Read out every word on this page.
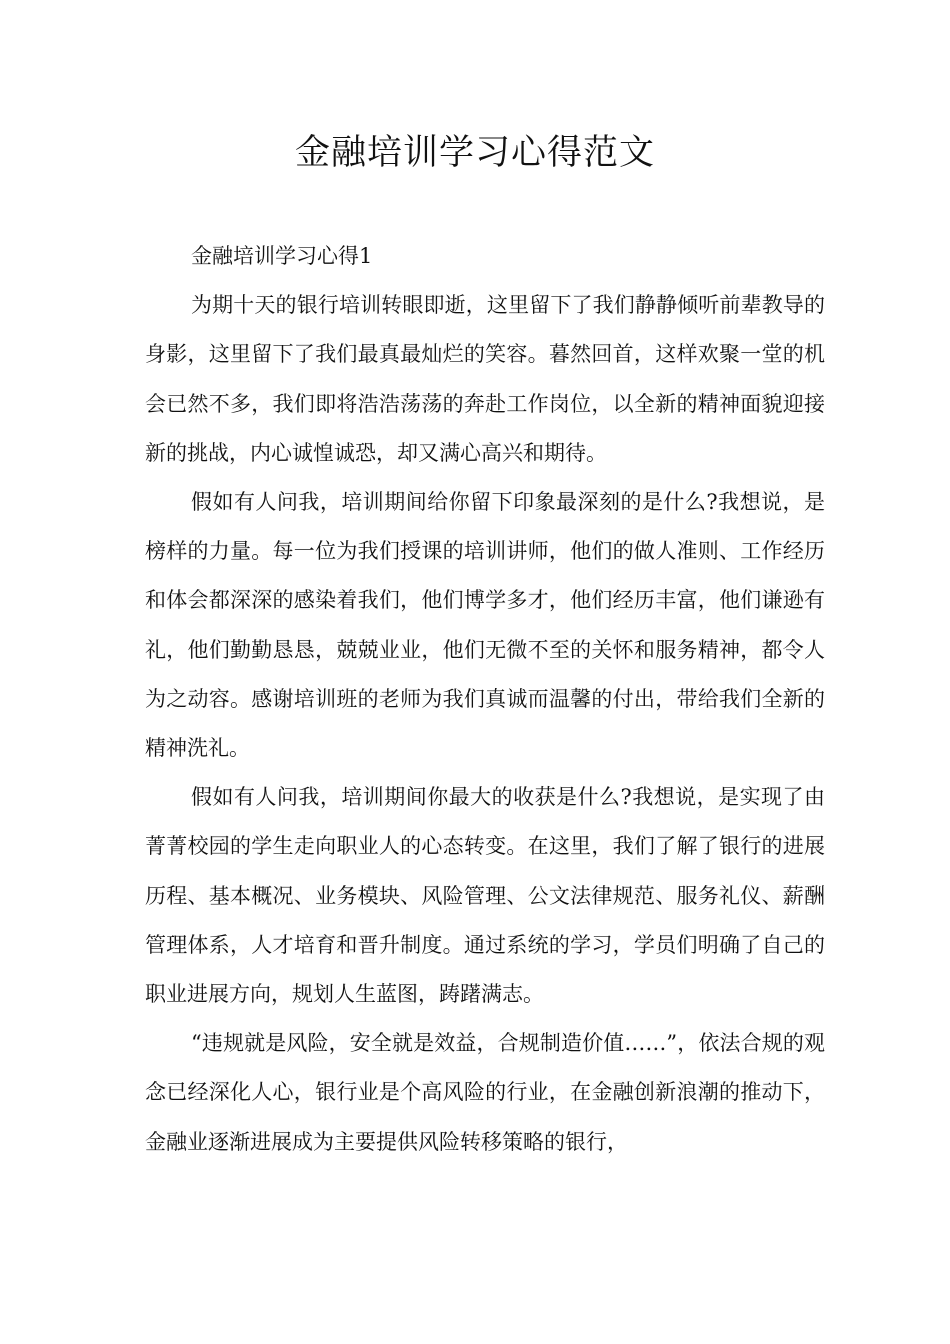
金融培训学习心得范文

金融培训学习心得1

为期十天的银行培训转眼即逝，这里留下了我们静静倾听前辈教导的身影，这里留下了我们最真最灿烂的笑容。暮然回首，这样欢聚一堂的机会已然不多，我们即将浩浩荡荡的奔赴工作岗位，以全新的精神面貌迎接新的挑战，内心诚惶诚恐，却又满心高兴和期待。

假如有人问我，培训期间给你留下印象最深刻的是什么?我想说，是榜样的力量。每一位为我们授课的培训讲师，他们的做人准则、工作经历和体会都深深的感染着我们，他们博学多才，他们经历丰富，他们谦逊有礼，他们勤勤恳恳，兢兢业业，他们无微不至的关怀和服务精神，都令人为之动容。感谢培训班的老师为我们真诚而温馨的付出，带给我们全新的精神洗礼。

假如有人问我，培训期间你最大的收获是什么?我想说，是实现了由菁菁校园的学生走向职业人的心态转变。在这里，我们了解了银行的进展历程、基本概况、业务模块、风险管理、公文法律规范、服务礼仪、薪酬管理体系，人才培育和晋升制度。通过系统的学习，学员们明确了自己的职业进展方向，规划人生蓝图，踌躇满志。

“违规就是风险，安全就是效益，合规制造价值……”，依法合规的观念已经深化人心，银行业是个高风险的行业，在金融创新浪潮的推动下，金融业逐渐进展成为主要提供风险转移策略的银行，
